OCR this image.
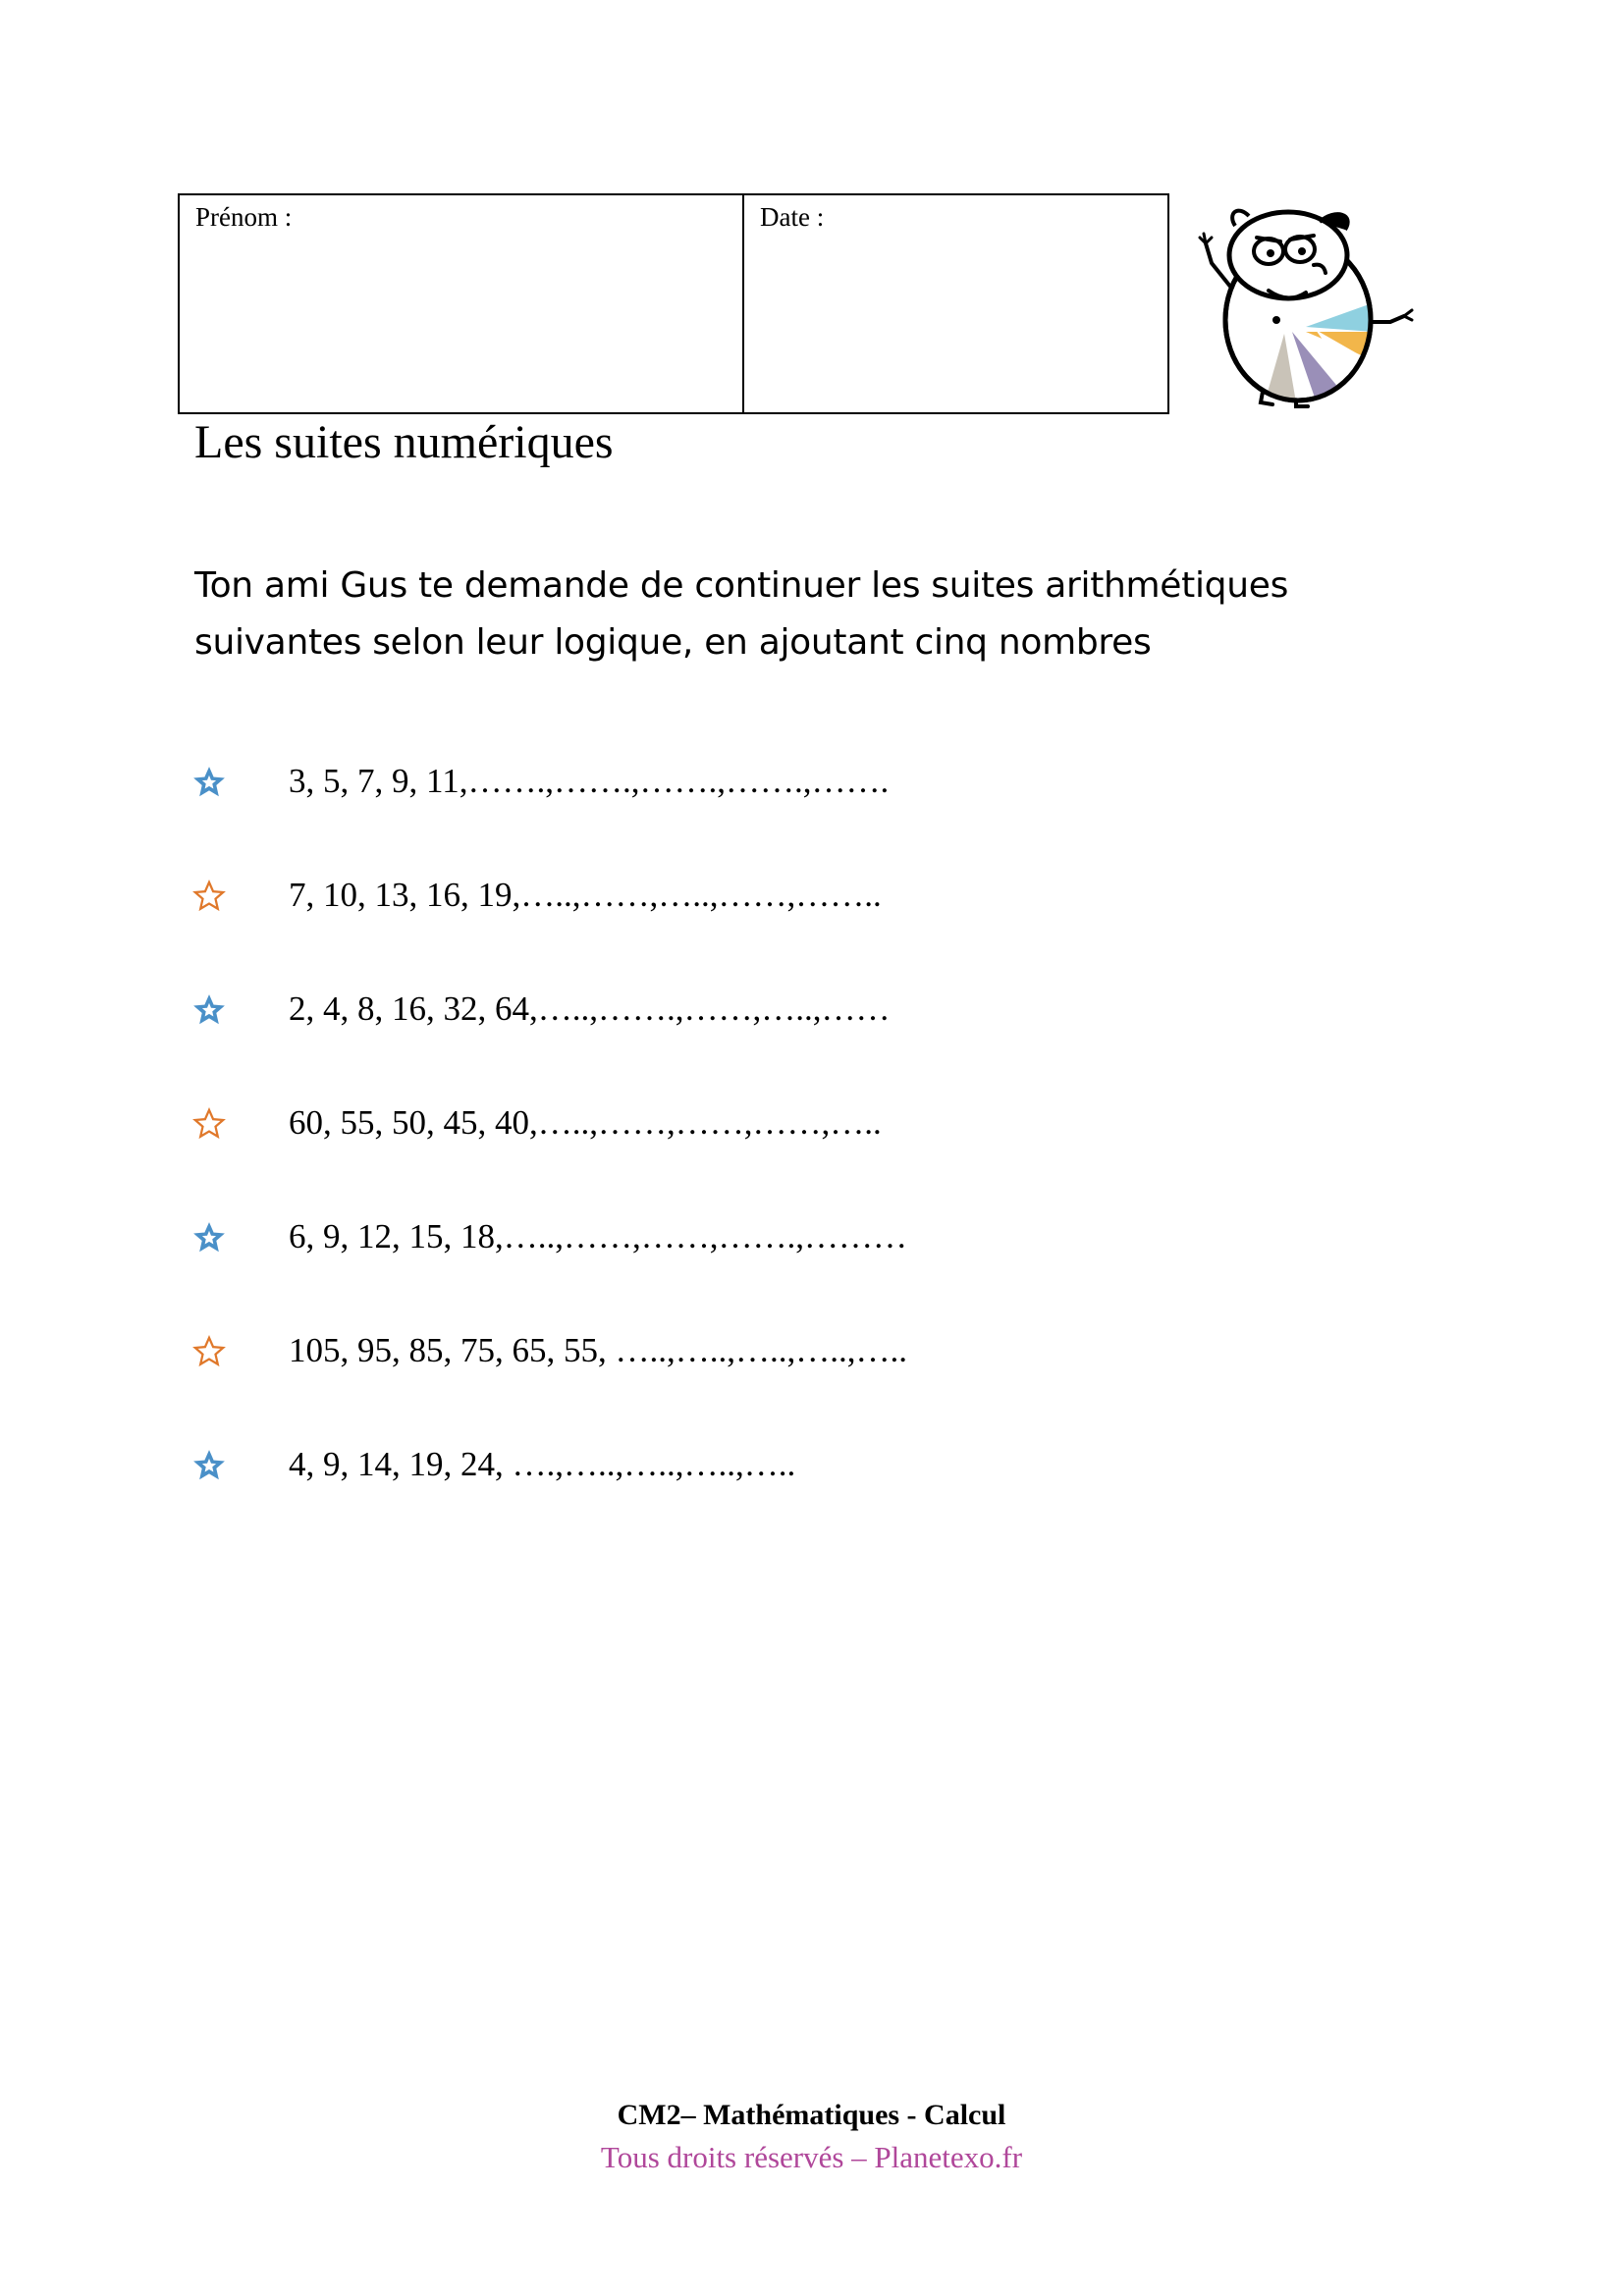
Prénom :	Date :
Les suites numériques

Ton ami Gus te demande de continuer les suites arithmétiques
suivantes selon leur logique, en ajoutant cinq nombres

3, 5, 7, 9, 11,…….,…….,…….,…….,…….
7, 10, 13, 16, 19,…..,……,…..,……,……..
2, 4, 8, 16, 32, 64,…..,…….,……,…..,……
60, 55, 50, 45, 40,…..,……,……,……,…..
6, 9, 12, 15, 18,…..,……,……,…….,………
105, 95, 85, 75, 65, 55, …..,…..,…..,…..,…..
4, 9, 14, 19, 24, ….,…..,…..,…..,…..
CM2– Mathématiques - Calcul
Tous droits réservés – Planetexo.fr
